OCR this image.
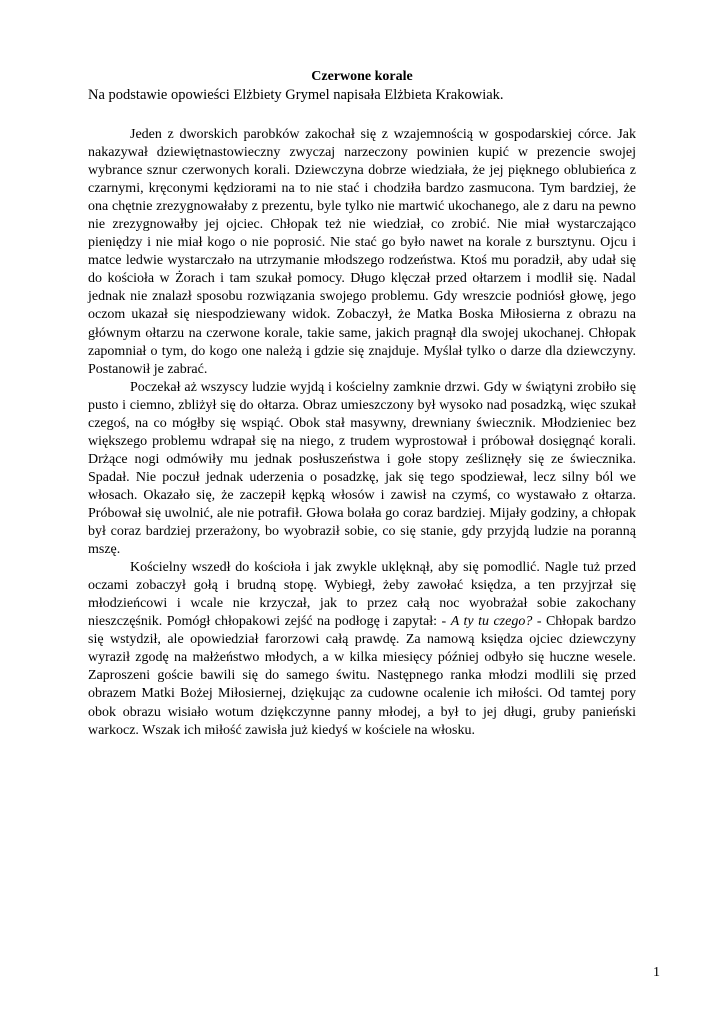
Czerwone korale

Na podstawie opowieści Elżbiety Grymel napisała Elżbieta Krakowiak.

Jeden z dworskich parobków zakochał się z wzajemnością w gospodarskiej córce. Jak nakazywał dziewiętnastowieczny zwyczaj narzeczony powinien kupić w prezencie swojej wybrance sznur czerwonych korali. Dziewczyna dobrze wiedziała, że jej pięknego oblubieńca z czarnymi, kręconymi kędziorami na to nie stać i chodziła bardzo zasmucona. Tym bardziej, że ona chętnie zrezygnowałaby z prezentu, byle tylko nie martwić ukochanego, ale z daru na pewno nie zrezygnowałby jej ojciec. Chłopak też nie wiedział, co zrobić. Nie miał wystarczająco pieniędzy i nie miał kogo o nie poprosić. Nie stać go było nawet na korale z bursztynu. Ojcu i matce ledwie wystarczało na utrzymanie młodszego rodzeństwa. Ktoś mu poradził, aby udał się do kościoła w Żorach i tam szukał pomocy. Długo klęczał przed ołtarzem i modlił się. Nadal jednak nie znalazł sposobu rozwiązania swojego problemu. Gdy wreszcie podniósł głowę, jego oczom ukazał się niespodziewany widok. Zobaczył, że Matka Boska Miłosierna z obrazu na głównym ołtarzu na czerwone korale, takie same, jakich pragnął dla swojej ukochanej. Chłopak zapomniał o tym, do kogo one należą i gdzie się znajduje. Myślał tylko o darze dla dziewczyny. Postanowił je zabrać.

Poczekał aż wszyscy ludzie wyjdą i kościelny zamknie drzwi. Gdy w świątyni zrobiło się pusto i ciemno, zbliżył się do ołtarza. Obraz umieszczony był wysoko nad posadzką, więc szukał czegoś, na co mógłby się wspiąć. Obok stał masywny, drewniany świecznik. Młodzieniec bez większego problemu wdrapał się na niego, z trudem wyprostował i próbował dosięgnąć korali. Drżące nogi odmówiły mu jednak posłuszeństwa i gołe stopy ześliznęły się ze świecznika. Spadał. Nie poczuł jednak uderzenia o posadzkę, jak się tego spodziewał, lecz silny ból we włosach. Okazało się, że zaczepił kępką włosów i zawisł na czymś, co wystawało z ołtarza. Próbował się uwolnić, ale nie potrafił. Głowa bolała go coraz bardziej. Mijały godziny, a chłopak był coraz bardziej przerażony, bo wyobraził sobie, co się stanie, gdy przyjdą ludzie na poranną mszę.

Kościelny wszedł do kościoła i jak zwykle uklęknął, aby się pomodlić. Nagle tuż przed oczami zobaczył gołą i brudną stopę. Wybiegł, żeby zawołać księdza, a ten przyjrzał się młodzieńcowi i wcale nie krzyczał, jak to przez całą noc wyobrażał sobie zakochany nieszczęśnik. Pomógł chłopakowi zejść na podłogę i zapytał: - A ty tu czego? - Chłopak bardzo się wstydził, ale opowiedział farorzowi całą prawdę. Za namową księdza ojciec dziewczyny wyraził zgodę na małżeństwo młodych, a w kilka miesięcy później odbyło się huczne wesele. Zaproszeni goście bawili się do samego świtu. Następnego ranka młodzi modlili się przed obrazem Matki Bożej Miłosiernej, dziękując za cudowne ocalenie ich miłości. Od tamtej pory obok obrazu wisiało wotum dziękczynne panny młodej, a był to jej długi, gruby panieński warkocz. Wszak ich miłość zawisła już kiedyś w kościele na włosku.

1
